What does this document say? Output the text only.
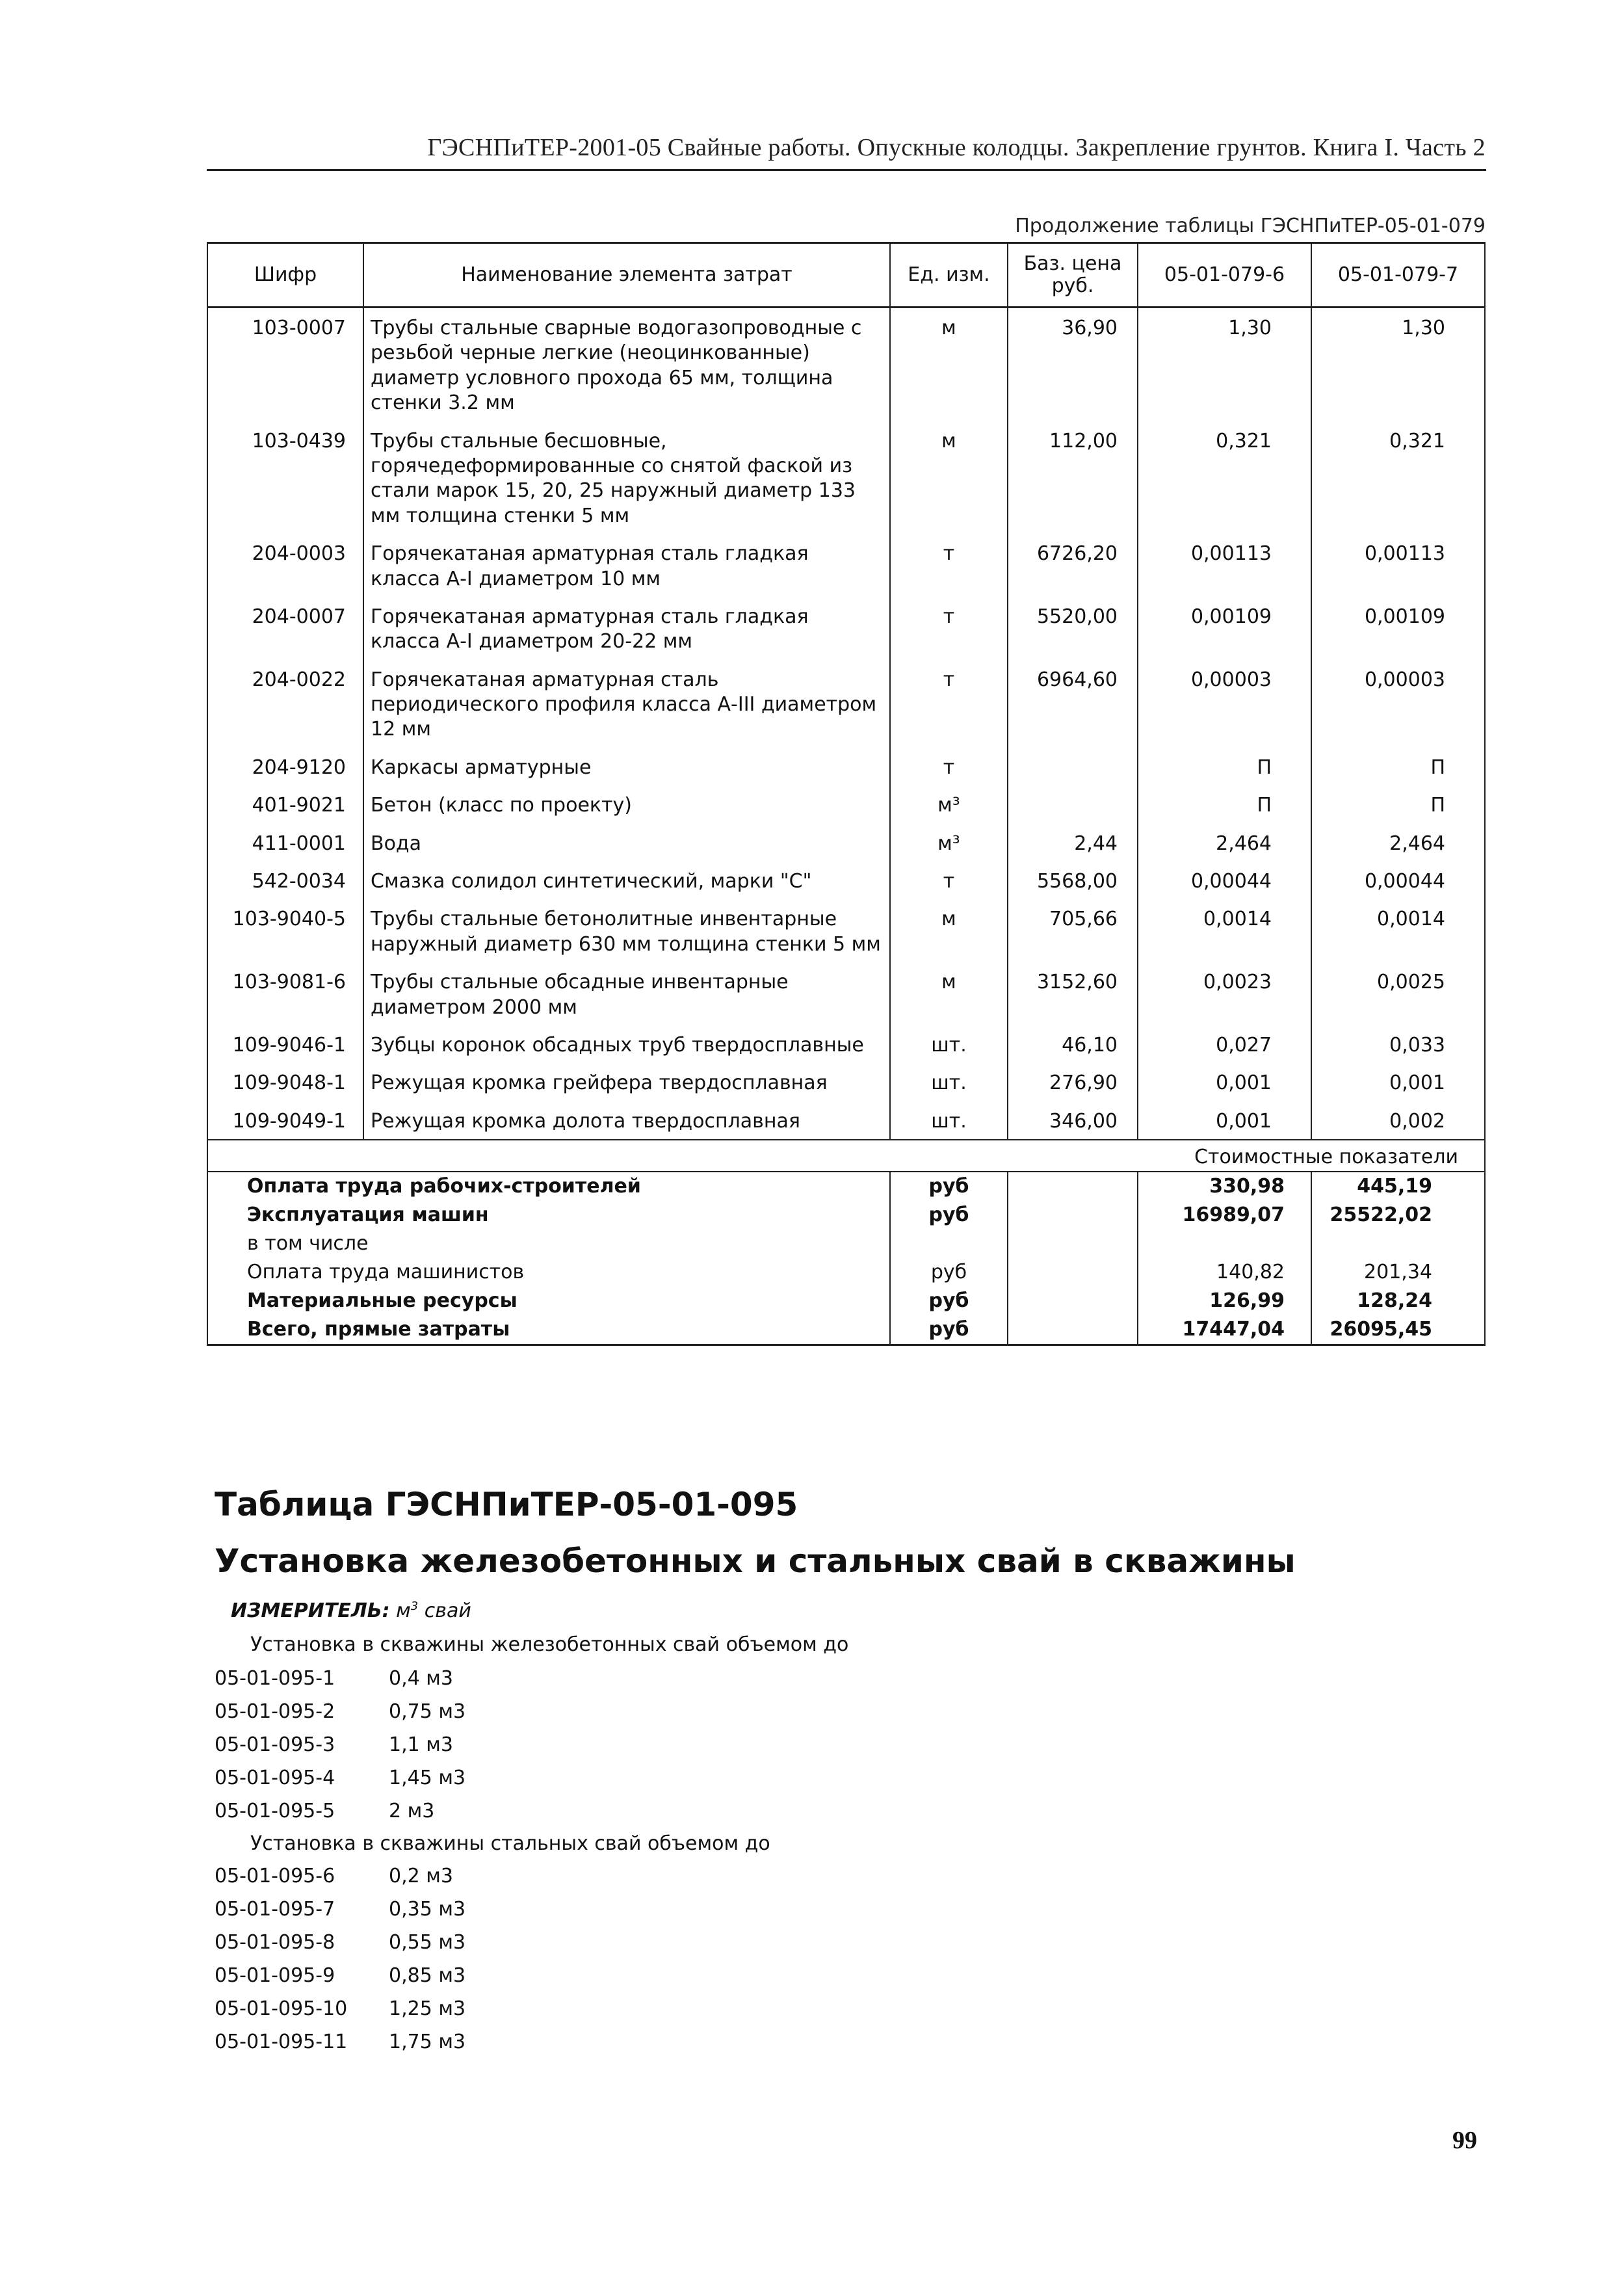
ГЭСНПиТЕР-2001-05 Свайные работы. Опускные колодцы. Закрепление грунтов. Книга I. Часть 2
Продолжение таблицы ГЭСНПиТЕР-05-01-079
Шифр	Наименование элемента затрат	Ед. изм.	Баз. цена руб.	05-01-079-6	05-01-079-7
103-0007	Трубы стальные сварные водогазопроводные с резьбой черные легкие (неоцинкованные) диаметр условного прохода 65 мм, толщина стенки 3.2 мм	м	36,90	1,30	1,30
103-0439	Трубы стальные бесшовные, горячедеформированные со снятой фаской из стали марок 15, 20, 25 наружный диаметр 133 мм толщина стенки 5 мм	м	112,00	0,321	0,321
204-0003	Горячекатаная арматурная сталь гладкая класса А-I диаметром 10 мм	т	6726,20	0,00113	0,00113
204-0007	Горячекатаная арматурная сталь гладкая класса А-I диаметром 20-22 мм	т	5520,00	0,00109	0,00109
204-0022	Горячекатаная арматурная сталь периодического профиля класса А-III диаметром 12 мм	т	6964,60	0,00003	0,00003
204-9120	Каркасы арматурные	т		П	П
401-9021	Бетон (класс по проекту)	м³		П	П
411-0001	Вода	м³	2,44	2,464	2,464
542-0034	Смазка солидол синтетический, марки "С"	т	5568,00	0,00044	0,00044
103-9040-5	Трубы стальные бетонолитные инвентарные наружный диаметр 630 мм толщина стенки 5 мм	м	705,66	0,0014	0,0014
103-9081-6	Трубы стальные обсадные инвентарные диаметром 2000 мм	м	3152,60	0,0023	0,0025
109-9046-1	Зубцы коронок обсадных труб твердосплавные	шт.	46,10	0,027	0,033
109-9048-1	Режущая кромка грейфера твердосплавная	шт.	276,90	0,001	0,001
109-9049-1	Режущая кромка долота твердосплавная	шт.	346,00	0,001	0,002
Стоимостные показатели					
Оплата труда рабочих-строителей		руб		330,98	445,19
Эксплуатация машин		руб		16989,07	25522,02
в том числе					
Оплата труда машинистов		руб		140,82	201,34
Материальные ресурсы		руб		126,99	128,24
Всего, прямые затраты		руб		17447,04	26095,45
Таблица ГЭСНПиТЕР-05-01-095
Установка железобетонных и стальных свай в скважины
ИЗМЕРИТЕЛЬ: $м^3$ свай
Установка в скважины железобетонных свай объемом до
05-01-095-1	0,4 м3
05-01-095-2	0,75 м3
05-01-095-3	1,1 м3
05-01-095-4	1,45 м3
05-01-095-5	2 м3
Установка в скважины стальных свай объемом до
05-01-095-6	0,2 м3
05-01-095-7	0,35 м3
05-01-095-8	0,55 м3
05-01-095-9	0,85 м3
05-01-095-10	1,25 м3
05-01-095-11	1,75 м3
99
